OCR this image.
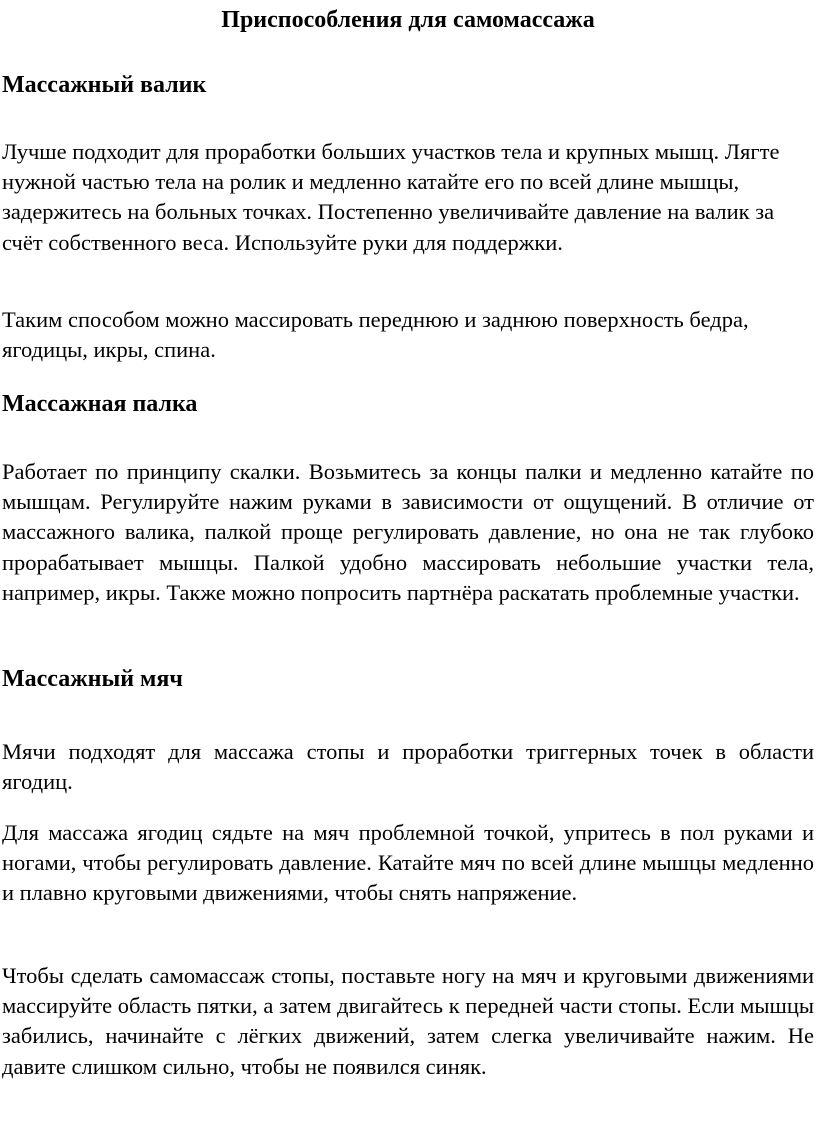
Приспособления для самомассажа
Массажный валик

Лучше подходит для проработки больших участков тела и крупных мышц. Лягте нужной частью тела на ролик и медленно катайте его по всей длине мышцы, задержитесь на больных точках. Постепенно увеличивайте давление на валик за счёт собственного веса. Используйте руки для поддержки.

Таким способом можно массировать переднюю и заднюю поверхность бедра, ягодицы, икры, спина.

Массажная палка

Работает по принципу скалки. Возьмитесь за концы палки и медленно катайте по мышцам. Регулируйте нажим руками в зависимости от ощущений. В отличие от массажного валика, палкой проще регулировать давление, но она не так глубоко прорабатывает мышцы. Палкой удобно массировать небольшие участки тела, например, икры. Также можно попросить партнёра раскатать проблемные участки.

Массажный мяч

Мячи подходят для массажа стопы и проработки триггерных точек в области ягодиц.

Для массажа ягодиц сядьте на мяч проблемной точкой, упритесь в пол руками и ногами, чтобы регулировать давление. Катайте мяч по всей длине мышцы медленно и плавно круговыми движениями, чтобы снять напряжение.

Чтобы сделать самомассаж стопы, поставьте ногу на мяч и круговыми движениями массируйте область пятки, а затем двигайтесь к передней части стопы. Если мышцы забились, начинайте с лёгких движений, затем слегка увеличивайте нажим. Не давите слишком сильно, чтобы не появился синяк.
